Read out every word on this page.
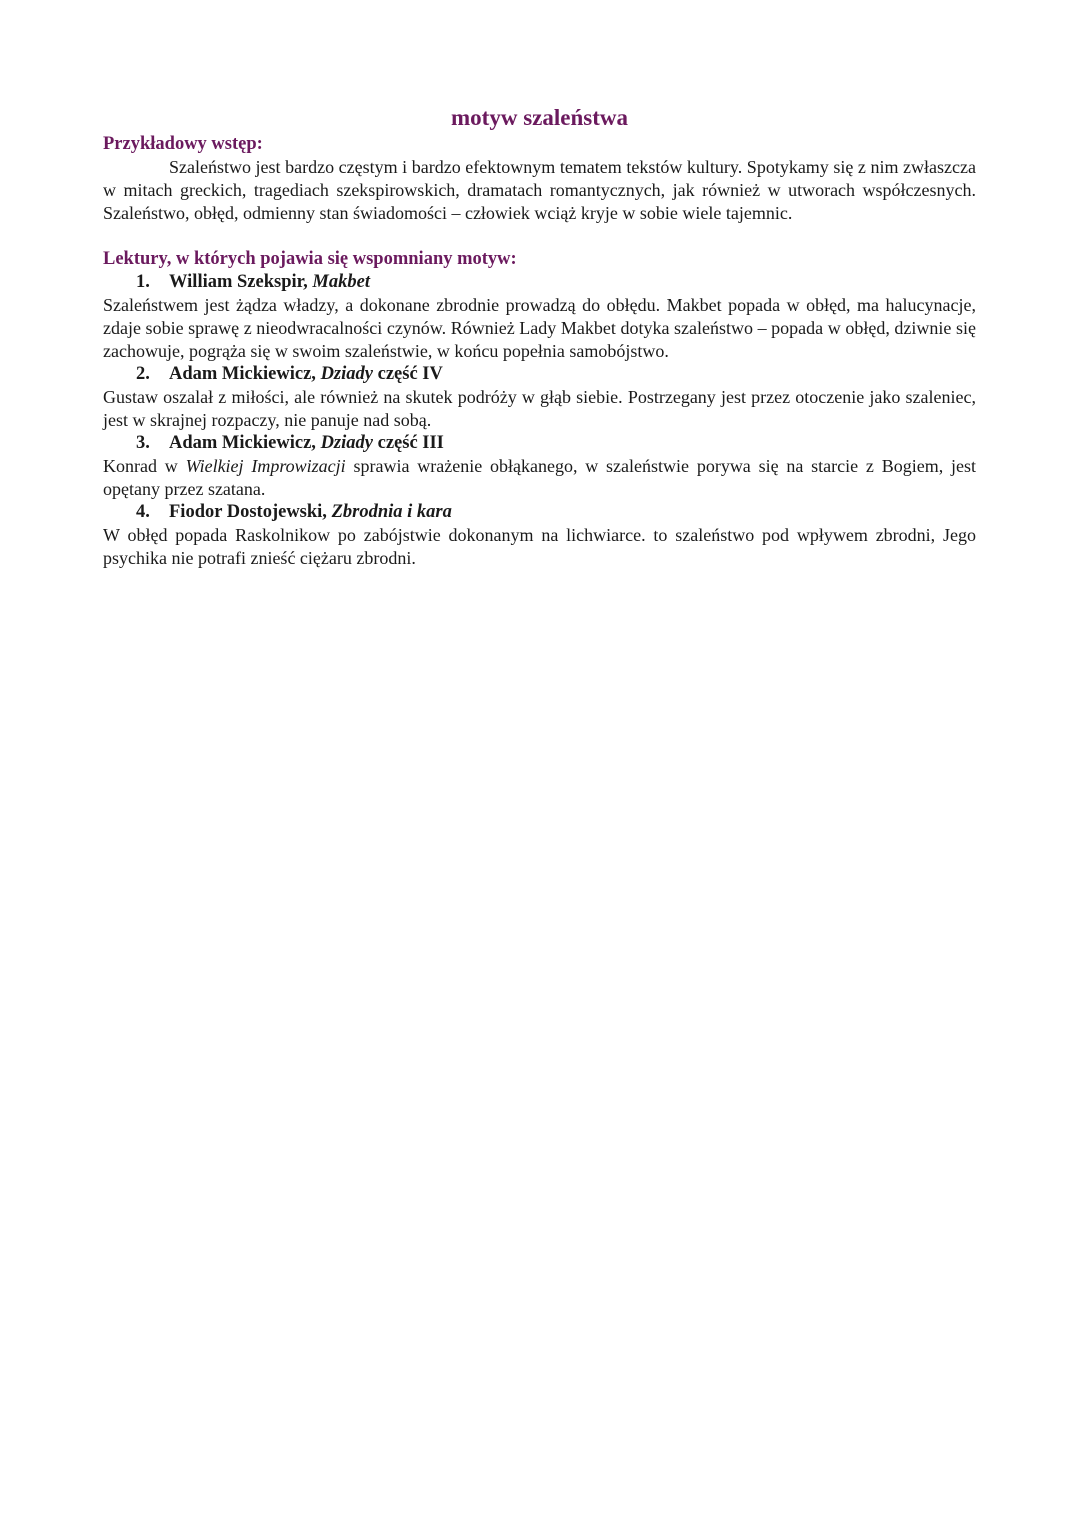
motyw szaleństwa

Przykładowy wstęp:

Szaleństwo jest bardzo częstym i bardzo efektownym tematem tekstów kultury. Spotykamy się z nim zwłaszcza w mitach greckich, tragediach szekspirowskich, dramatach romantycznych, jak również w utworach współczesnych. Szaleństwo, obłęd, odmienny stan świadomości – człowiek wciąż kryje w sobie wiele tajemnic.

Lektury, w których pojawia się wspomniany motyw:

1. William Szekspir, Makbet

Szaleństwem jest żądza władzy, a dokonane zbrodnie prowadzą do obłędu. Makbet popada w obłęd, ma halucynacje, zdaje sobie sprawę z nieodwracalności czynów. Również Lady Makbet dotyka szaleństwo – popada w obłęd, dziwnie się zachowuje, pogrąża się w swoim szaleństwie, w końcu popełnia samobójstwo.

2. Adam Mickiewicz, Dziady część IV

Gustaw oszalał z miłości, ale również na skutek podróży w głąb siebie. Postrzegany jest przez otoczenie jako szaleniec, jest w skrajnej rozpaczy, nie panuje nad sobą.

3. Adam Mickiewicz, Dziady część III

Konrad w Wielkiej Improwizacji sprawia wrażenie obłąkanego, w szaleństwie porywa się na starcie z Bogiem, jest opętany przez szatana.

4. Fiodor Dostojewski, Zbrodnia i kara

W obłęd popada Raskolnikow po zabójstwie dokonanym na lichwiarce. to szaleństwo pod wpływem zbrodni, Jego psychika nie potrafi znieść ciężaru zbrodni.
